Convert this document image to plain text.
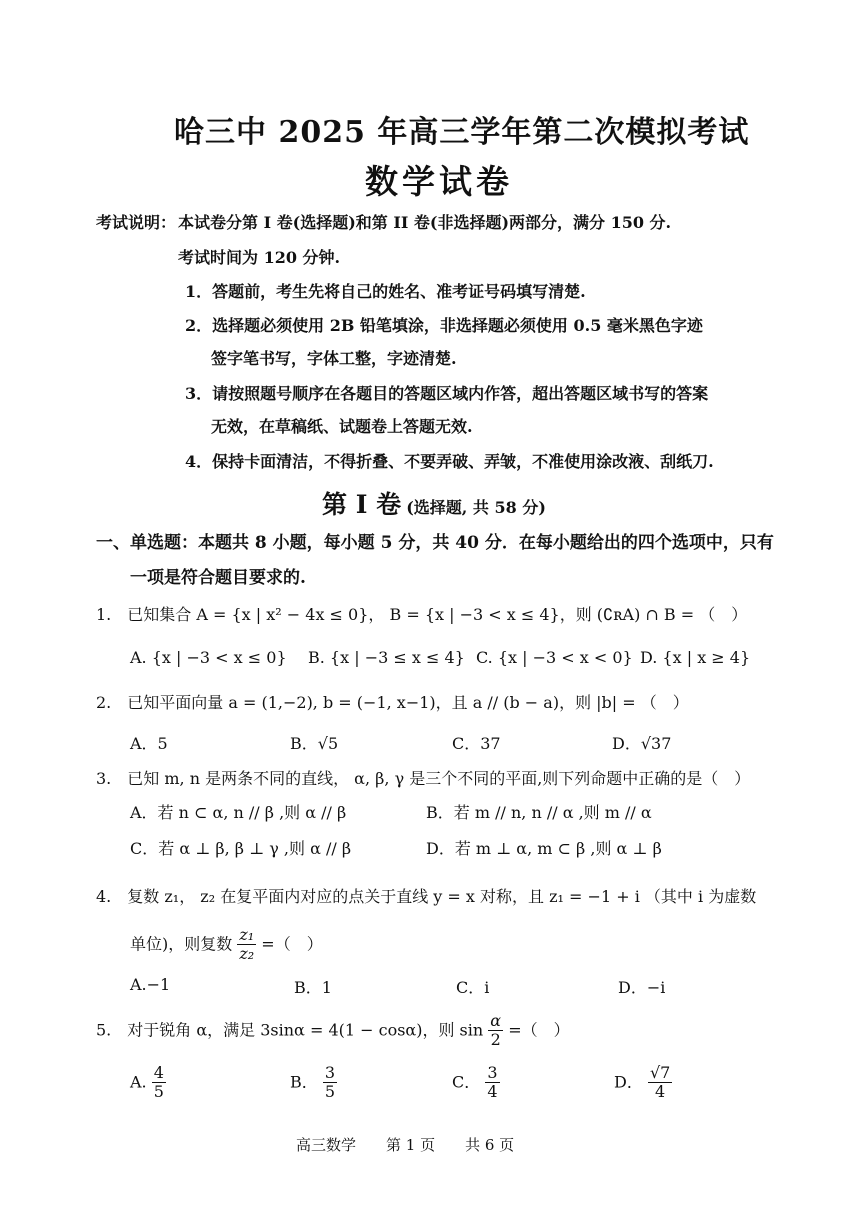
哈三中 2025 年高三学年第二次模拟考试
数学试卷
考试说明： 本试卷分第 I 卷(选择题)和第 II 卷(非选择题)两部分，满分 150 分.
考试时间为 120 分钟.
1．答题前，考生先将自己的姓名、准考证号码填写清楚.
2．选择题必须使用 2B 铅笔填涂，非选择题必须使用 0.5 毫米黑色字迹
签字笔书写，字体工整，字迹清楚.
3．请按照题号顺序在各题目的答题区域内作答，超出答题区域书写的答案
无效，在草稿纸、试题卷上答题无效.
4．保持卡面清洁，不得折叠、不要弄破、弄皱，不准使用涂改液、刮纸刀.
第 I 卷 (选择题, 共 58 分)
一、单选题：本题共 8 小题，每小题 5 分，共 40 分．在每小题给出的四个选项中，只有
一项是符合题目要求的.
1.　已知集合 A = {x | x² − 4x ≤ 0}， B = {x | −3 < x ≤ 4}，则 (∁ʀA) ∩ B = （　）
A. {x | −3 < x ≤ 0} B. {x | −3 ≤ x ≤ 4} C. {x | −3 < x < 0} D. {x | x ≥ 4}
2.　已知平面向量 a = (1,−2), b = (−1, x−1)，且 a // (b − a)，则 |b| = （　）
A．5	B．√5	C．37	D．√37
3.　已知 m, n 是两条不同的直线， α, β, γ 是三个不同的平面,则下列命题中正确的是（　）
A．若 n ⊂ α, n // β ,则 α // β	B．若 m // n, n // α ,则 m // α
C．若 α ⊥ β, β ⊥ γ ,则 α // β	D．若 m ⊥ α, m ⊂ β ,则 α ⊥ β
4.　复数 z₁， z₂ 在复平面内对应的点关于直线 y = x 对称，且 z₁ = −1 + i （其中 i 为虚数
单位)，则复数 $\frac{\text{z₁}}{\text{z₂}}$ =（　）
A.−1	B．1	C．i	D．−i
5.　对于锐角 α，满足 3sinα = 4(1 − cosα)，则 $\sin \frac{\alpha}{2}$ =（　）
A. $\frac{4}{5}$	B． $\frac{3}{5}$	C． $\frac{3}{4}$	D． $\frac{√7}{4}$
高三数学　　第 1 页　　共 6 页
